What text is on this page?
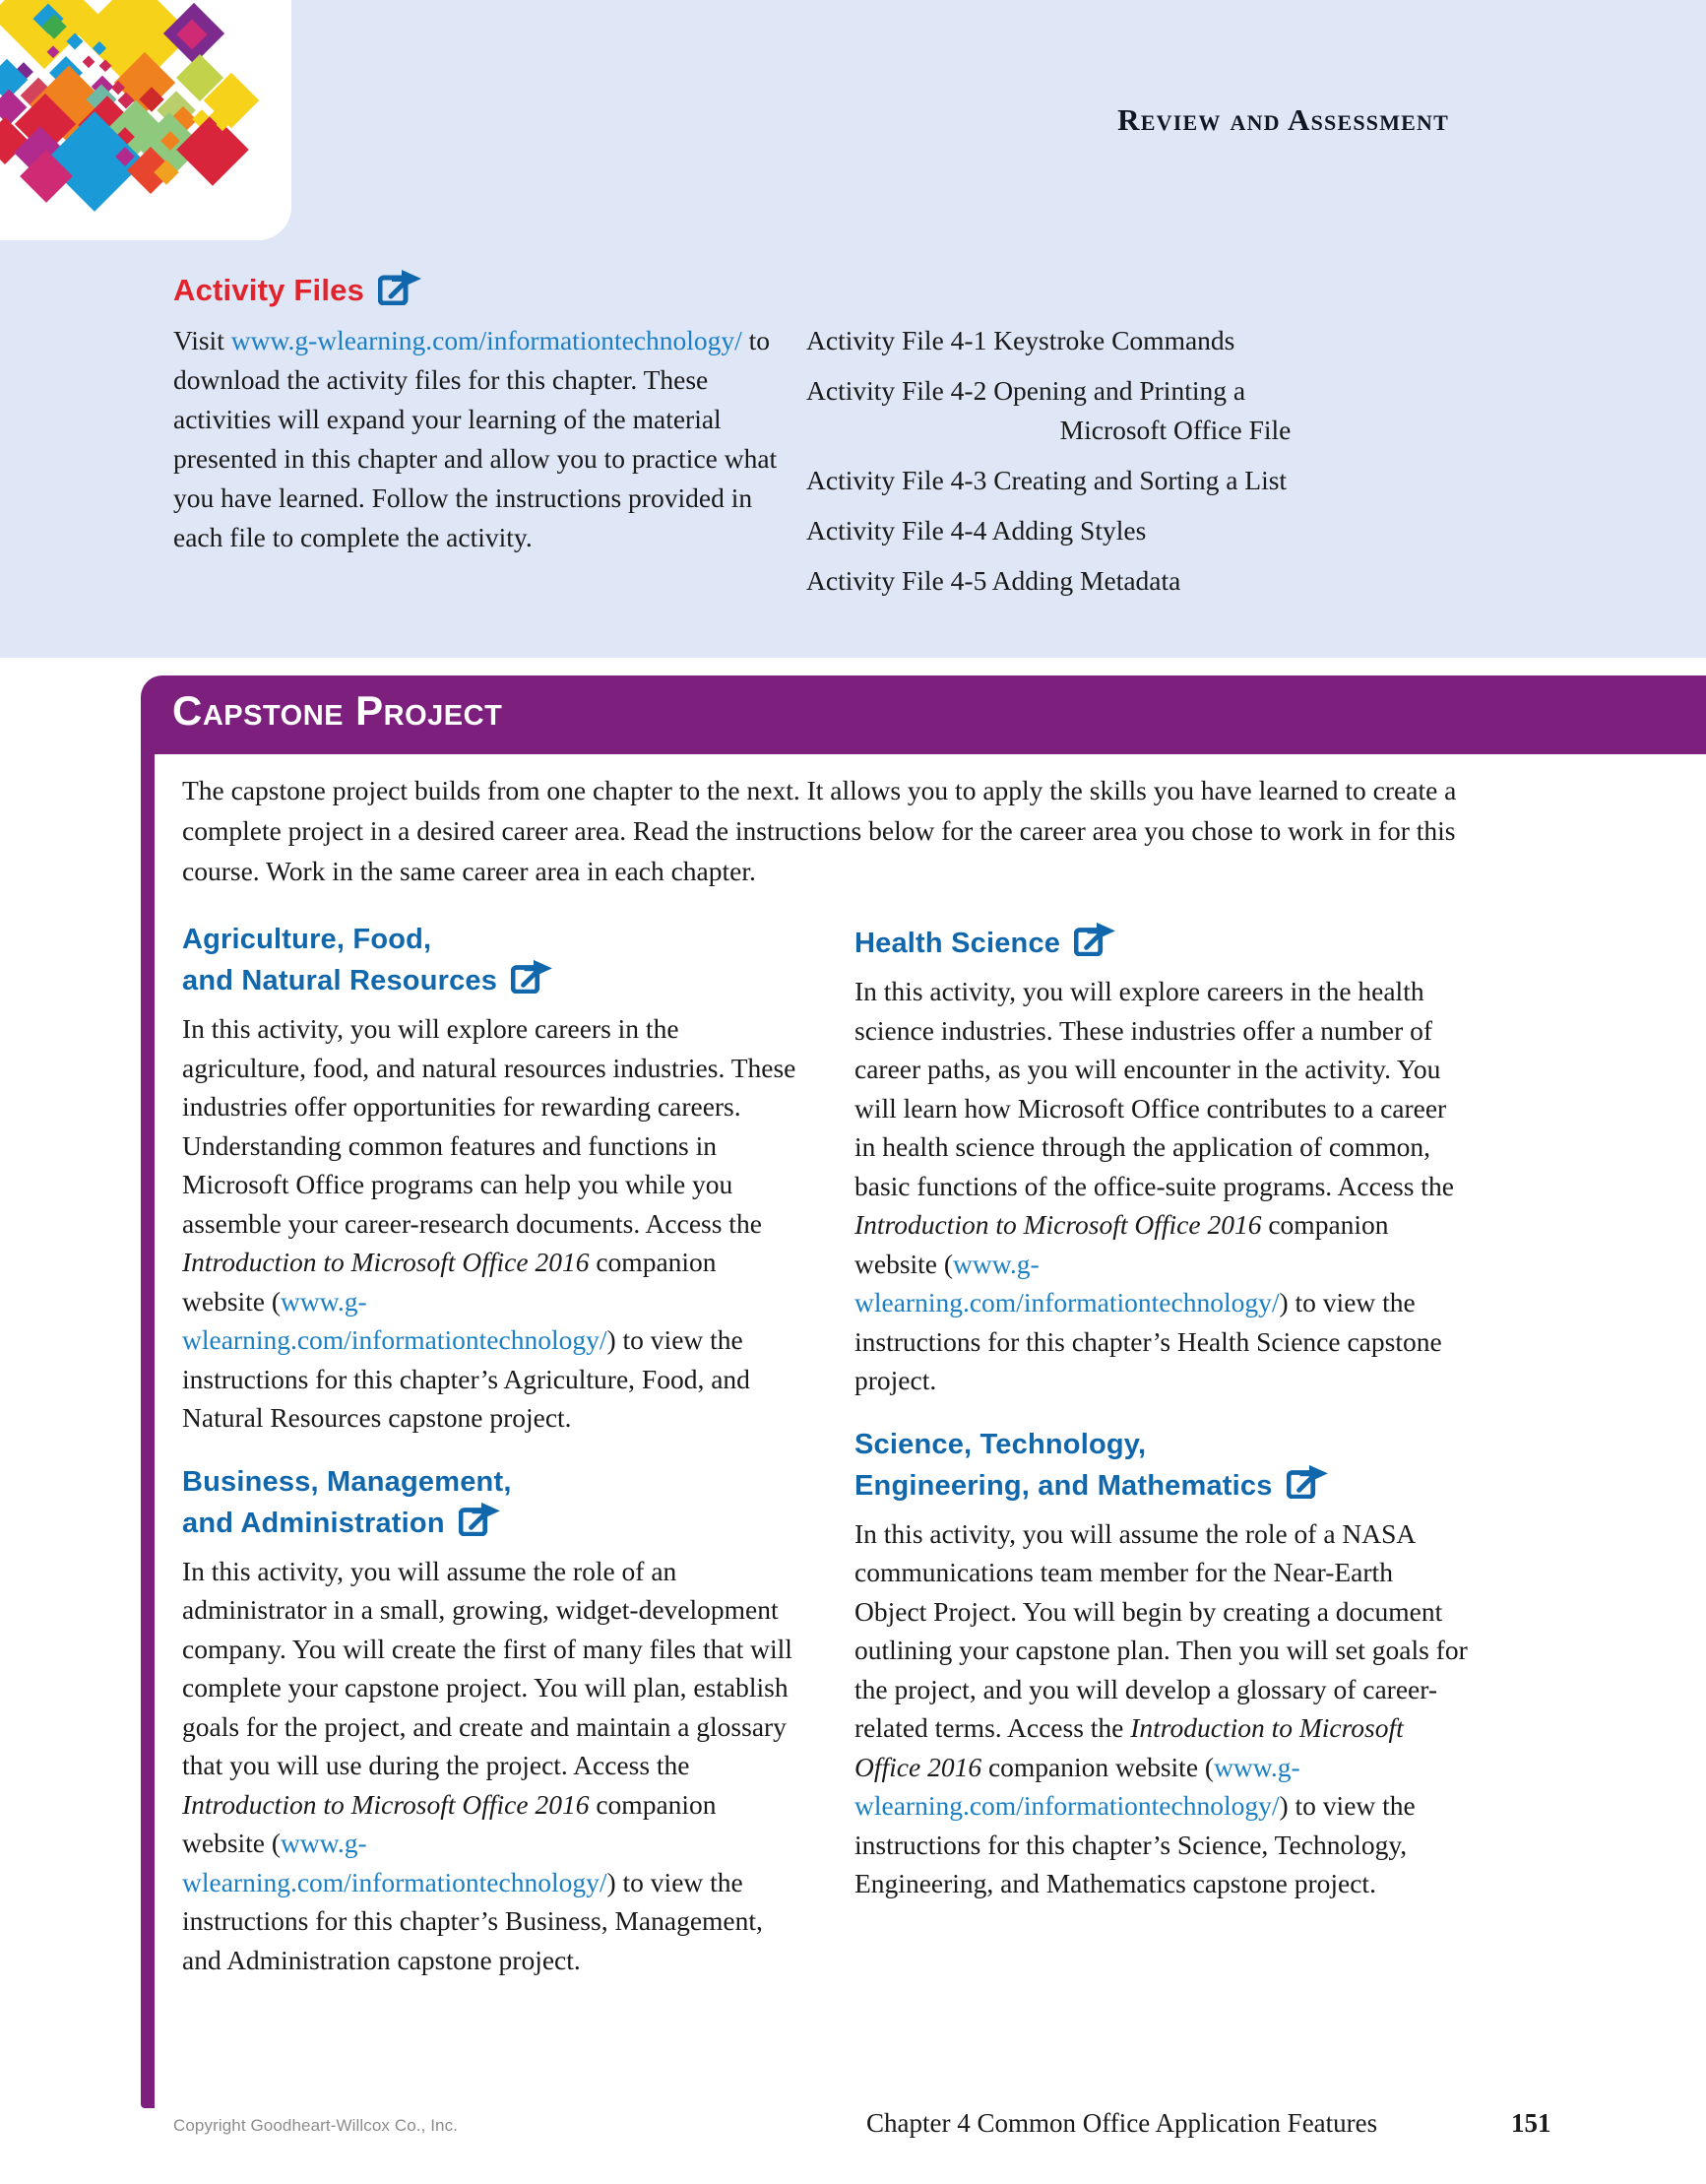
Review and Assessment
Activity Files

Visit www.g-wlearning.com/informationtechnology/ to download the activity files for this chapter. These activities will expand your learning of the material presented in this chapter and allow you to practice what you have learned. Follow the instructions provided in each file to complete the activity.

Activity File 4-1 Keystroke Commands
Activity File 4-2 Opening and Printing a
Microsoft Office File
Activity File 4-3 Creating and Sorting a List
Activity File 4-4 Adding Styles
Activity File 4-5 Adding Metadata
Capstone Project

The capstone project builds from one chapter to the next. It allows you to apply the skills you have learned to create a complete project in a desired career area. Read the instructions below for the career area you chose to work in for this course. Work in the same career area in each chapter.

Agriculture, Food,
and Natural Resources

In this activity, you will explore careers in the agriculture, food, and natural resources industries. These industries offer opportunities for rewarding careers. Understanding common features and functions in Microsoft Office programs can help you while you assemble your career-research documents. Access the Introduction to Microsoft Office 2016 companion website (www.g-wlearning.com/informationtechnology/) to view the instructions for this chapter’s Agriculture, Food, and Natural Resources capstone project.

Business, Management,
and Administration

In this activity, you will assume the role of an administrator in a small, growing, widget-development company. You will create the first of many files that will complete your capstone project. You will plan, establish goals for the project, and create and maintain a glossary that you will use during the project. Access the Introduction to Microsoft Office 2016 companion website (www.g-wlearning.com/informationtechnology/) to view the instructions for this chapter’s Business, Management, and Administration capstone project.

Health Science

In this activity, you will explore careers in the health science industries. These industries offer a number of career paths, as you will encounter in the activity. You will learn how Microsoft Office contributes to a career in health science through the application of common, basic functions of the office-suite programs. Access the Introduction to Microsoft Office 2016 companion website (www.g-wlearning.com/informationtechnology/) to view the instructions for this chapter’s Health Science capstone project.

Science, Technology,
Engineering, and Mathematics

In this activity, you will assume the role of a NASA communications team member for the Near-Earth Object Project. You will begin by creating a document outlining your capstone plan. Then you will set goals for the project, and you will develop a glossary of career-related terms. Access the Introduction to Microsoft Office 2016 companion website (www.g-wlearning.com/informationtechnology/) to view the instructions for this chapter’s Science, Technology, Engineering, and Mathematics capstone project.

Copyright Goodheart-Willcox Co., Inc.	Chapter 4 Common Office Application Features	151
